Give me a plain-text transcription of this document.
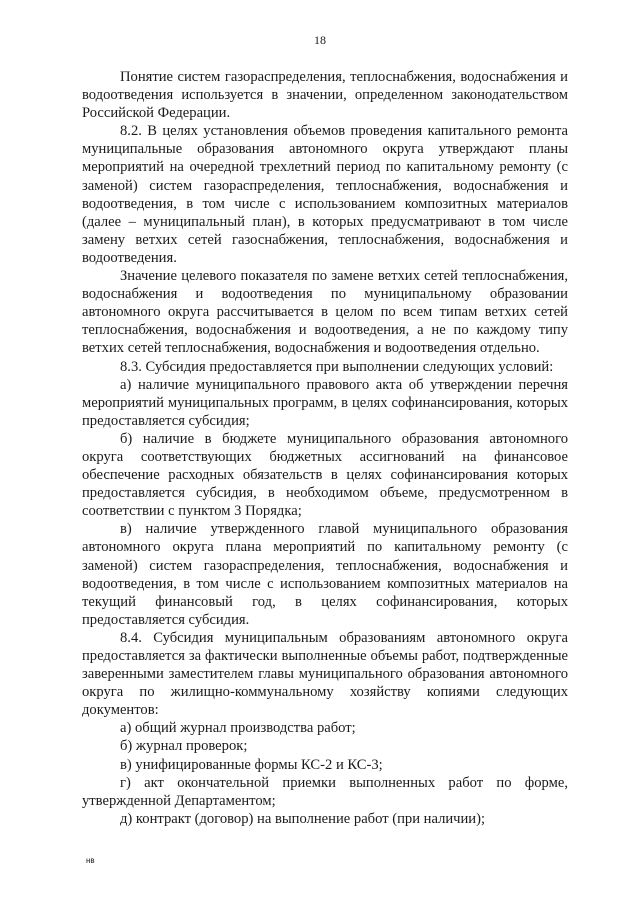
18

Понятие систем газораспределения, теплоснабжения, водоснабжения и водоотведения используется в значении, определенном законодательством Российской Федерации.

8.2. В целях установления объемов проведения капитального ремонта муниципальные образования автономного округа утверждают планы мероприятий на очередной трехлетний период по капитальному ремонту (с заменой) систем газораспределения, теплоснабжения, водоснабжения и водоотведения, в том числе с использованием композитных материалов (далее – муниципальный план), в которых предусматривают в том числе замену ветхих сетей газоснабжения, теплоснабжения, водоснабжения и водоотведения.

Значение целевого показателя по замене ветхих сетей теплоснабжения, водоснабжения и водоотведения по муниципальному образовании автономного округа рассчитывается в целом по всем типам ветхих сетей теплоснабжения, водоснабжения и водоотведения, а не по каждому типу ветхих сетей теплоснабжения, водоснабжения и водоотведения отдельно.

8.3. Субсидия предоставляется при выполнении следующих условий:

а) наличие муниципального правового акта об утверждении перечня мероприятий муниципальных программ, в целях софинансирования, которых предоставляется субсидия;

б) наличие в бюджете муниципального образования автономного округа соответствующих бюджетных ассигнований на финансовое обеспечение расходных обязательств в целях софинансирования которых предоставляется субсидия, в необходимом объеме, предусмотренном в соответствии с пунктом 3 Порядка;

в) наличие утвержденного главой муниципального образования автономного округа плана мероприятий по капитальному ремонту (с заменой) систем газораспределения, теплоснабжения, водоснабжения и водоотведения, в том числе с использованием композитных материалов на текущий финансовый год, в целях софинансирования, которых предоставляется субсидия.

8.4. Субсидия муниципальным образованиям автономного округа предоставляется за фактически выполненные объемы работ, подтвержденные заверенными заместителем главы муниципального образования автономного округа по жилищно-коммунальному хозяйству копиями следующих документов:

а) общий журнал производства работ;

б) журнал проверок;

в) унифицированные формы КС-2 и КС-3;

г) акт окончательной приемки выполненных работ по форме, утвержденной Департаментом;

д) контракт (договор) на выполнение работ (при наличии);

нв
